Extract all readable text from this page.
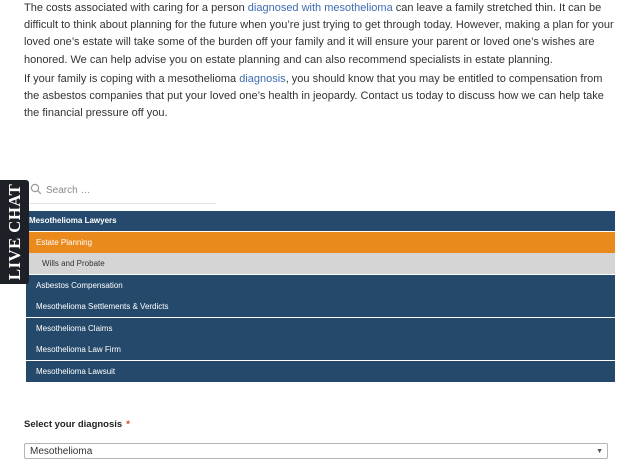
The costs associated with caring for a person diagnosed with mesothelioma can leave a family stretched thin. It can be difficult to think about planning for the future when you’re just trying to get through today. However, making a plan for your loved one’s estate will take some of the burden off your family and it will ensure your parent or loved one’s wishes are honored. We can help advise you on estate planning and can also recommend specialists in estate planning.

If your family is coping with a mesothelioma diagnosis, you should know that you may be entitled to compensation from the asbestos companies that put your loved one’s health in jeopardy. Contact us today to discuss how we can help take the financial pressure off you.

Search …
Mesothelioma Lawyers
Estate Planning
Wills and Probate
Asbestos Compensation
Mesothelioma Settlements & Verdicts
Mesothelioma Claims
Mesothelioma Law Firm
Mesothelioma Lawsuit
LIVE CHAT
Select your diagnosis *
Mesothelioma	▼
